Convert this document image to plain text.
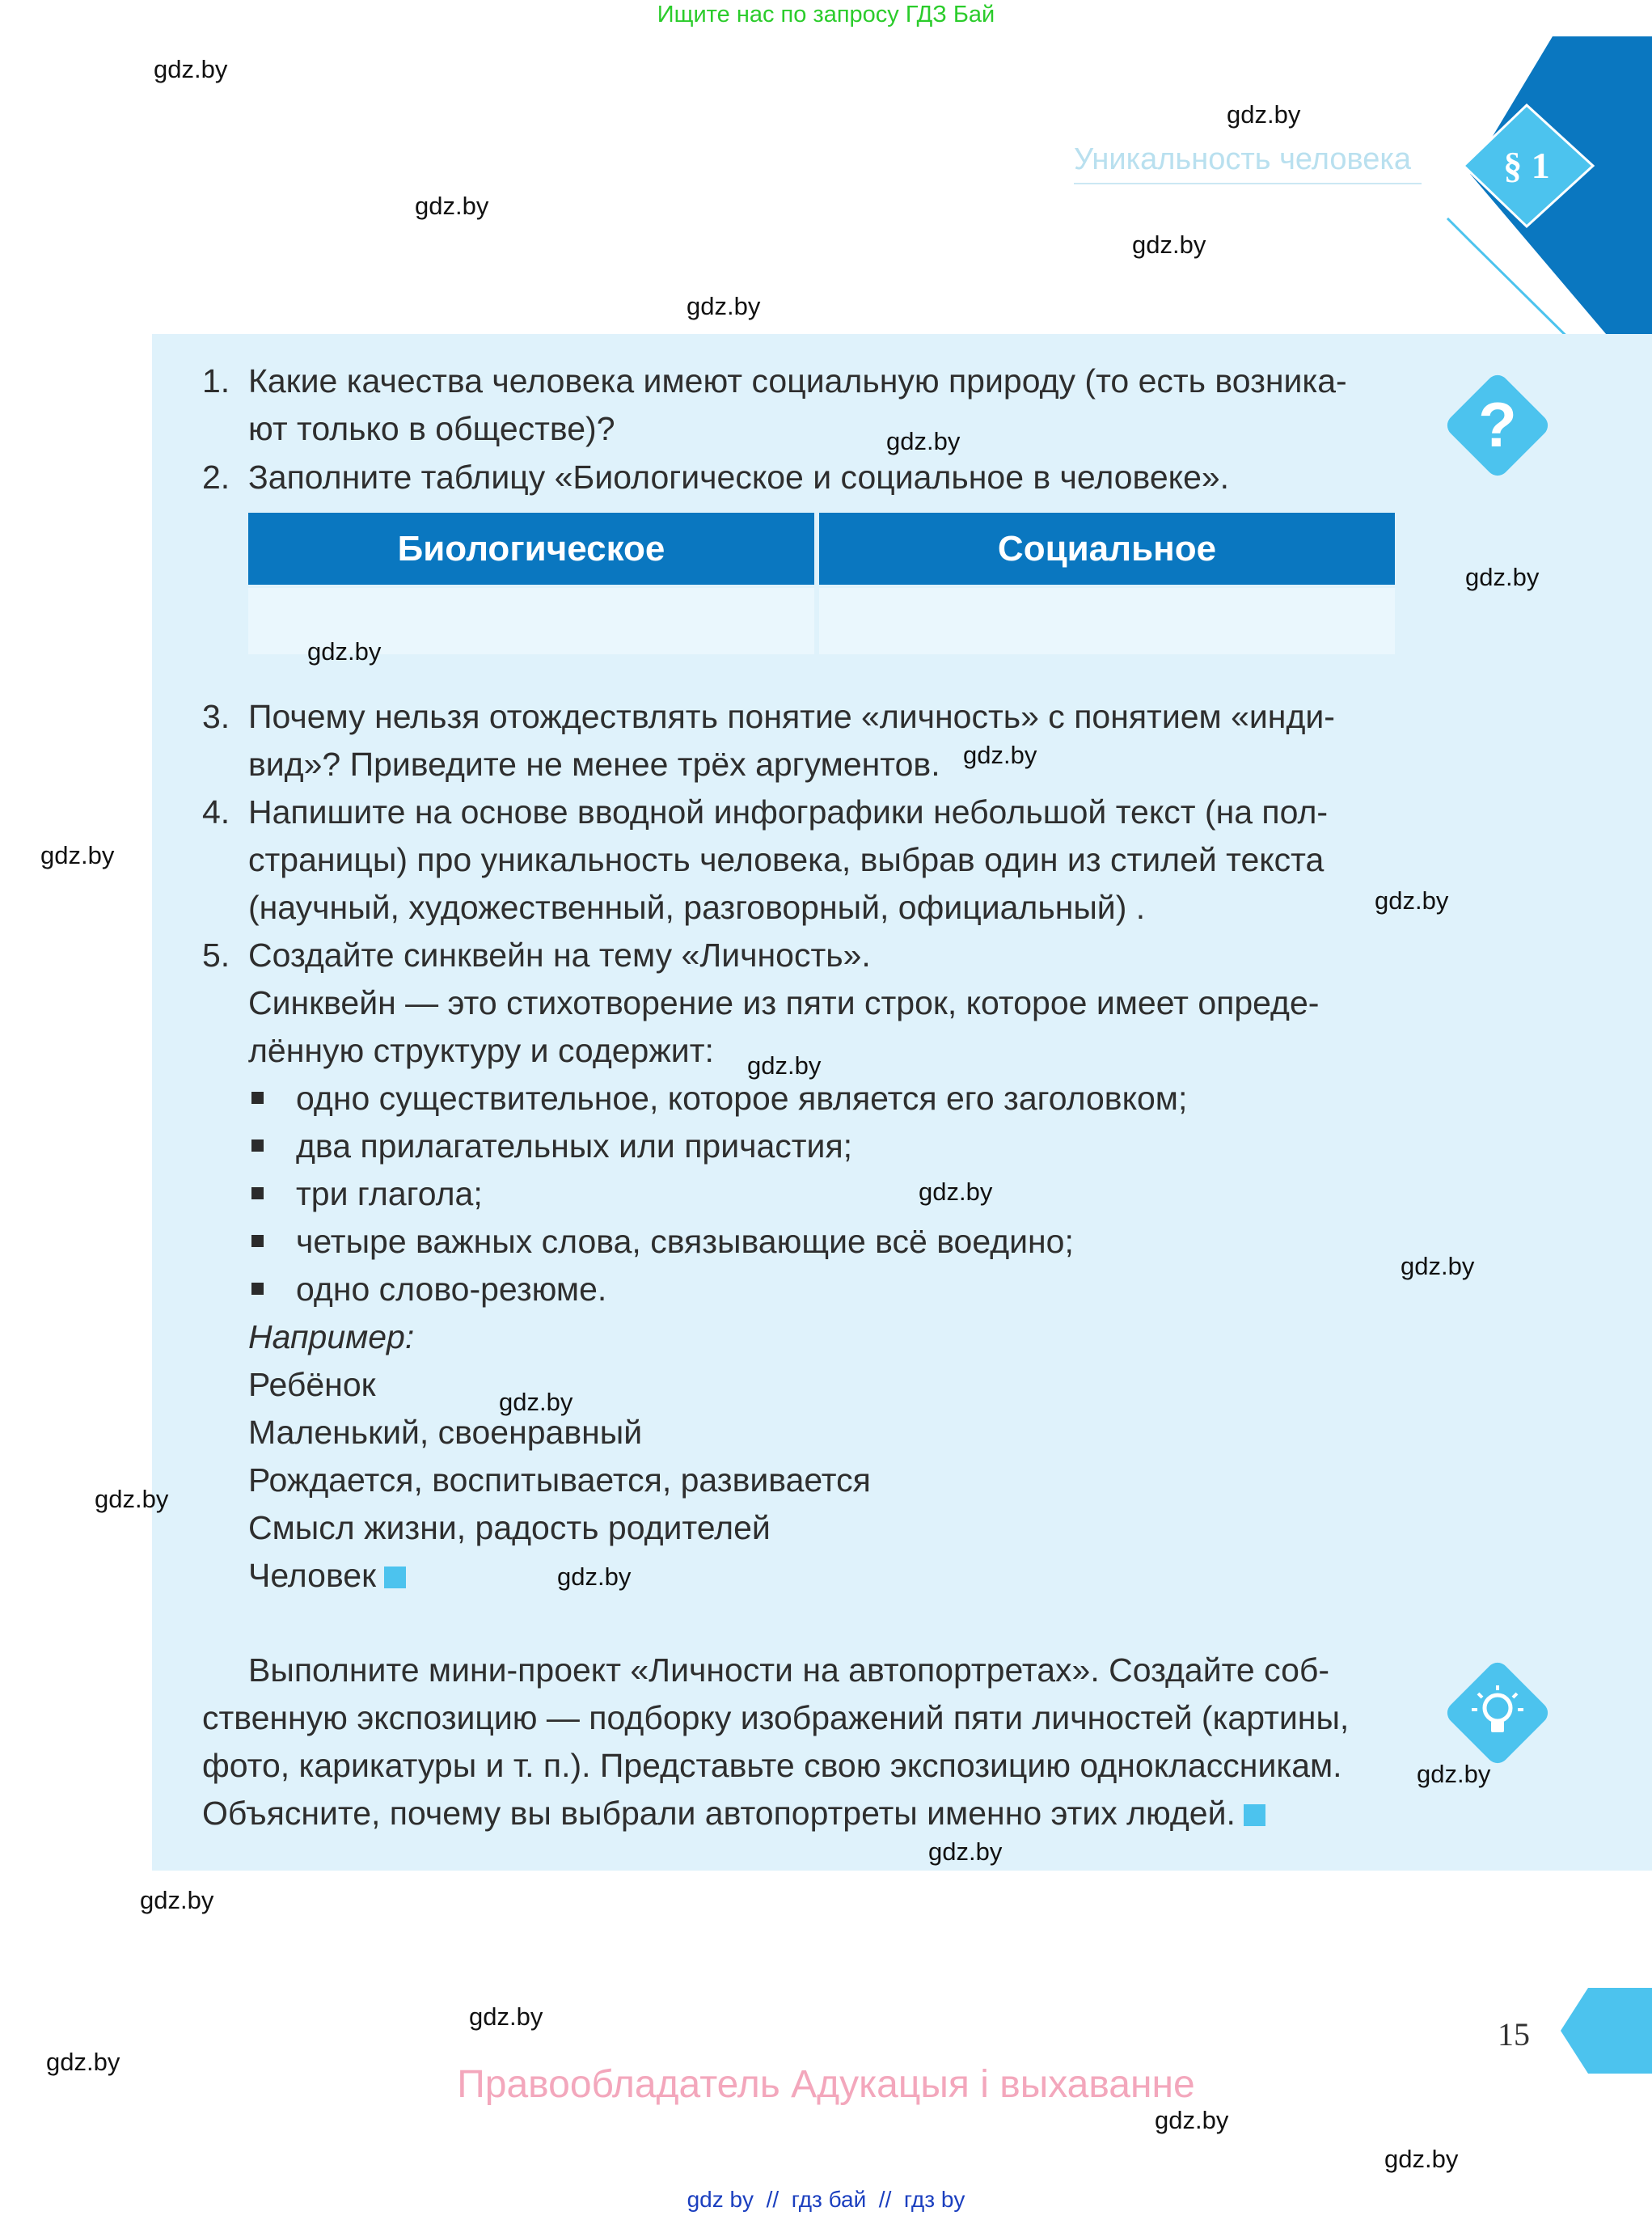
Ищите нас по запросу ГДЗ Бай
Уникальность человека § 1
?
1. Какие качества человека имеют социальную природу (то есть возника-
ют только в обществе)?
2. Заполните таблицу «Биологическое и социальное в человеке».
Биологическое	Социальное
3. Почему нельзя отождествлять понятие «личность» с понятием «инди-
вид»? Приведите не менее трёх аргументов.
4. Напишите на основе вводной инфографики небольшой текст (на пол-
страницы) про уникальность человека, выбрав один из стилей текста
(научный, художественный, разговорный, официальный) .
5. Создайте синквейн на тему «Личность».
Синквейн — это стихотворение из пяти строк, которое имеет опреде-
лённую структуру и содержит:
одно существительное, которое является его заголовком;
два прилагательных или причастия;
три глагола;
четыре важных слова, связывающие всё воедино;
одно слово-резюме.
Например:
Ребёнок
Маленький, своенравный
Рождается, воспитывается, развивается
Смысл жизни, радость родителей
Человек
Выполните мини-проект «Личности на автопортретах». Создайте соб-
ственную экспозицию — подборку изображений пяти личностей (картины,
фото, карикатуры и т. п.). Представьте свою экспозицию одноклассникам.
Объясните, почему вы выбрали автопортреты именно этих людей.
15
Правообладатель Адукацыя і выхаванне
gdz by  //  гдз бай  //  гдз by
gdz.by
gdz.by
gdz.by
gdz.by
gdz.by
gdz.by
gdz.by
gdz.by
gdz.by
gdz.by
gdz.by
gdz.by
gdz.by
gdz.by
gdz.by
gdz.by
gdz.by
gdz.by
gdz.by
gdz.by
gdz.by
gdz.by
gdz.by
gdz.by
